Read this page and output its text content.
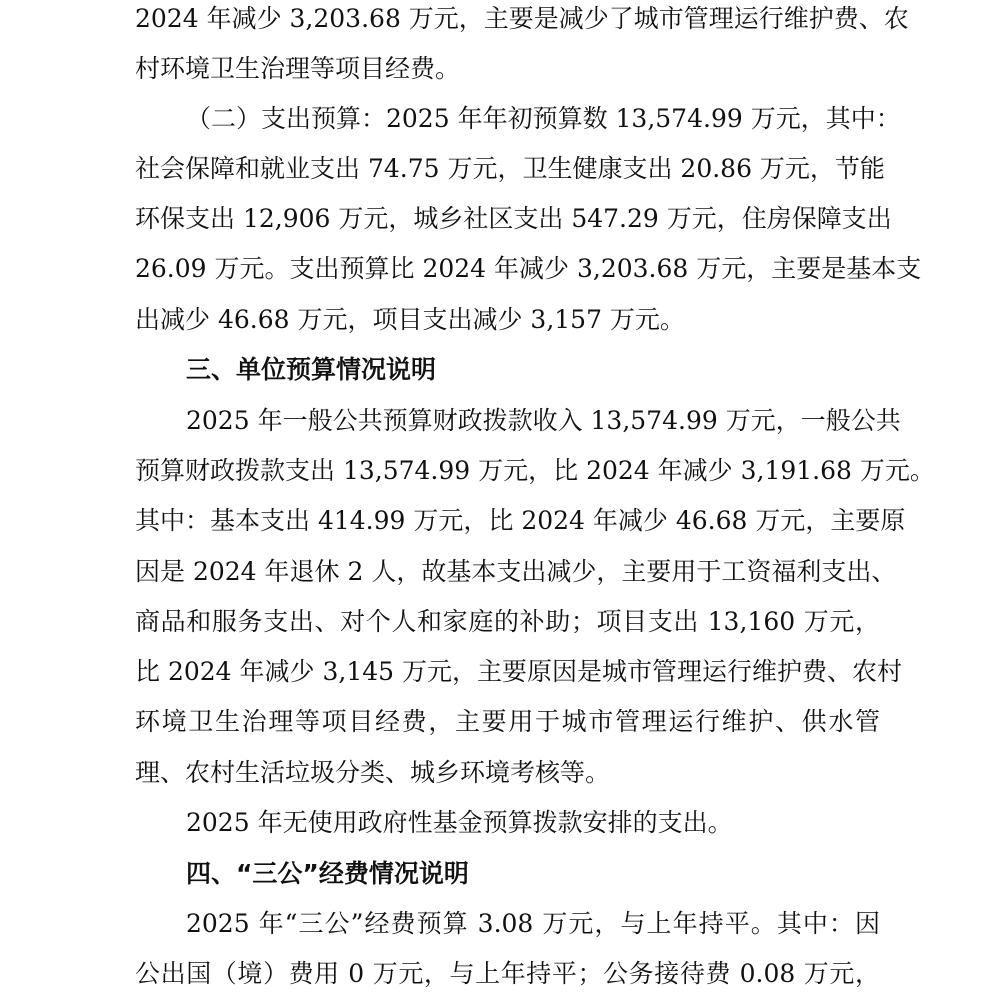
2024 年减少 3,203.68 万元，主要是减少了城市管理运行维护费、农
村环境卫生治理等项目经费。
（二）支出预算：2025 年年初预算数 13,574.99 万元，其中：
社会保障和就业支出 74.75 万元，卫生健康支出 20.86 万元，节能
环保支出 12,906 万元，城乡社区支出 547.29 万元，住房保障支出
26.09 万元。支出预算比 2024 年减少 3,203.68 万元，主要是基本支
出减少 46.68 万元，项目支出减少 3,157 万元。
三、单位预算情况说明
2025 年一般公共预算财政拨款收入 13,574.99 万元，一般公共
预算财政拨款支出 13,574.99 万元，比 2024 年减少 3,191.68 万元。
其中：基本支出 414.99 万元，比 2024 年减少 46.68 万元，主要原
因是 2024 年退休 2 人，故基本支出减少，主要用于工资福利支出、
商品和服务支出、对个人和家庭的补助；项目支出 13,160 万元，
比 2024 年减少 3,145 万元，主要原因是城市管理运行维护费、农村
环境卫生治理等项目经费，主要用于城市管理运行维护、供水管
理、农村生活垃圾分类、城乡环境考核等。
2025 年无使用政府性基金预算拨款安排的支出。
四、“三公”经费情况说明
2025 年“三公”经费预算 3.08 万元，与上年持平。其中：因
公出国（境）费用 0 万元，与上年持平；公务接待费 0.08 万元，
